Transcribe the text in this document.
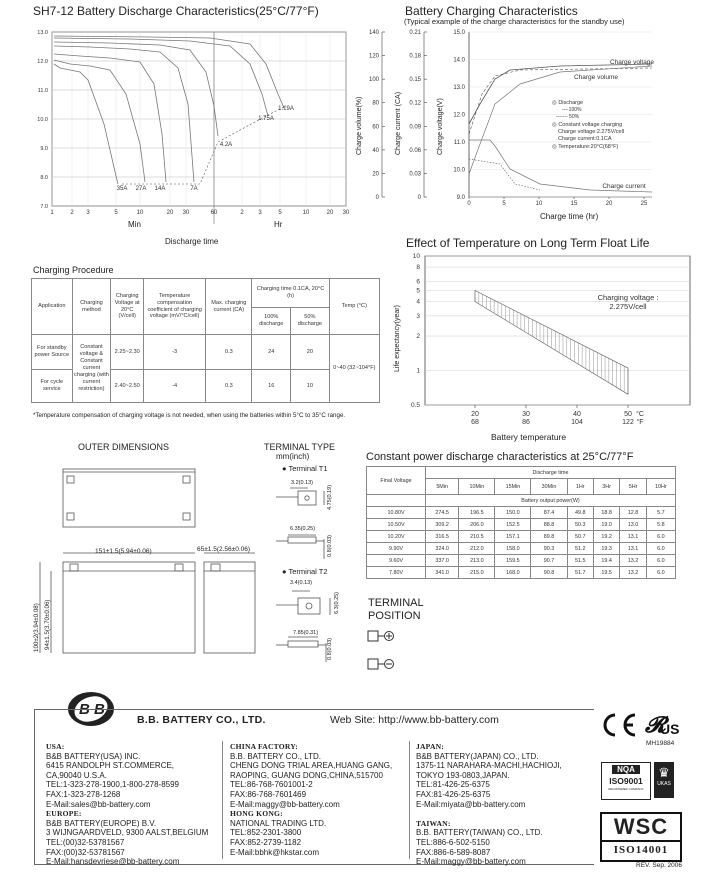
SH7-12 Battery Discharge Characteristics(25°C/77°F)
13.0
12.0
11.0
10.0
9.0
8.0
7.0
1	2 3	5	10	20 30	60	2 3	5	10	20 30
35A 27A 14A	7A
4.2A
1.75A
1.19A
Min	Hr
Discharge time
Battery Charging Characteristics
(Typical example of the charge characteristics for the standby use)
Charge volume(%)	Charge current (CA)	Charge voltage(V)
140
120
100
80
60
40
20
0
0.21
0.18
0.15
0.12
0.09
0.06
0.03
0
15.0
14.0
13.0
12.0
11.0
10.0
9.0
0	5	10	15	20	25
Charge voltage
Charge volume
Charge current
◎ Discharge
----100%
------- 50%
◎ Constant voltage charging
Charge voltage:2.275V/cell
Charge current:0.1CA
◎ Temperature:20°C(68°F)
Charge time (hr)
Effect of Temperature on Long Term Float Life
Life expectancy(year)
10
8
6
5
4
3
2
1
0.5
20
68
30
86
40
104
50
122
°C
°F
Charging voltage :
2.275V/cell
Battery temperature
Charging Procedure
Application	Charging method	Charging Voltage at 20°C (V/cell)	Temperature compensation coefficient of charging voltage (mV/°C/cell)	Max. charging current (CA)	Charging time 0.1CA, 20°C (h)		Temp (°C)
					100% discharge	50% discharge	
For standby power Source	Constant voltage & Constant current charging (with current restriction)	2.25~2.30	-3	0.3	24	20	0~40 (32~104°F)
For cycle service		2.40~2.50	-4	0.3	16	10	
*Temperature compensation of charging voltage is not needed, when using the batteries within 5°C to 35°C range.
OUTER DIMENSIONS
151±1.5(5.94±0.06)	65±1.5(2.56±0.06)
100±2(3.94±0.08) 94±1.5(3.70±0.06)
TERMINAL TYPE
mm(inch)
● Terminal T1
● Terminal T2
3.2(0.13)
4.75(0.19)
6.35(0.25)
0.8(0.03)
3.4(0.13)
6.3(0.25)
7.85(0.31)
0.8(0.03)
Constant power discharge characteristics at 25°C/77°F
Final Voltage	Discharge time							
	5Min	10Min	15Min	30Min	1Hr	3Hr	5Hr	10Hr
	Battery output power(W)							
10.80V	274.5	196.5	150.0	87.4	49.8	18.8	12.8	5.7
10.50V	309.2	206.0	152.5	88.8	50.3	19.0	13.0	5.8
10.20V	316.5	210.5	157.1	89.8	50.7	19.2	13.1	6.0
9.90V	324.0	212.0	158.0	90.3	51.2	19.3	13.1	6.0
9.60V	337.0	213.0	159.5	90.7	51.5	19.4	13.2	6.0
7.80V	341.0	215.0	168.0	90.8	51.7	19.5	13.2	6.0
TERMINAL
POSITION
B B
B.B. BATTERY CO., LTD.	Web Site: http://www.bb-battery.com
USA:
B&B BATTERY(USA) INC.
6415 RANDOLPH ST.COMMERCE,
CA,90040 U.S.A.
TEL:1-323-278-1900,1-800-278-8599
FAX:1-323-278-1268
E-Mail:sales@bb-battery.com
EUROPE:
B&B BATTERY(EUROPE) B.V.
3 WIJNGAARDVELD, 9300 AALST,BELGIUM
TEL:(00)32-53781567
FAX:(00)32-53781567
E-Mail:hansdevriese@bb-battery.com
CHINA FACTORY:
B.B. BATTERY CO., LTD.
CHENG DONG TRIAL AREA,HUANG GANG,
RAOPING, GUANG DONG,CHINA,515700
TEL:86-768-7601001-2
FAX:86-768-7601469
E-Mail:maggy@bb-battery.com
HONG KONG:
NATIONAL TRADING LTD.
TEL:852-2301-3800
FAX:852-2739-1182
E-Mail:bbhk@hkstar.com
JAPAN:
B&B BATTERY(JAPAN) CO., LTD.
1375-11 NARAHARA-MACHI,HACHIOJI,
TOKYO 193-0803,JAPAN.
TEL:81-426-25-6375
FAX:81-426-25-6375
E-Mail:miyata@bb-battery.com
TAIWAN:
B.B. BATTERY(TAIWAN) CO., LTD.
TEL:886-6-502-5150
FAX:886-6-589-8087
E-Mail:maggy@bb-battery.com
𝓡
US
MH19884
NQA
ISO9001
REGISTERED COMPANY
♛
UKAS
WSC
ISO14001
REV. Sep. 2006
